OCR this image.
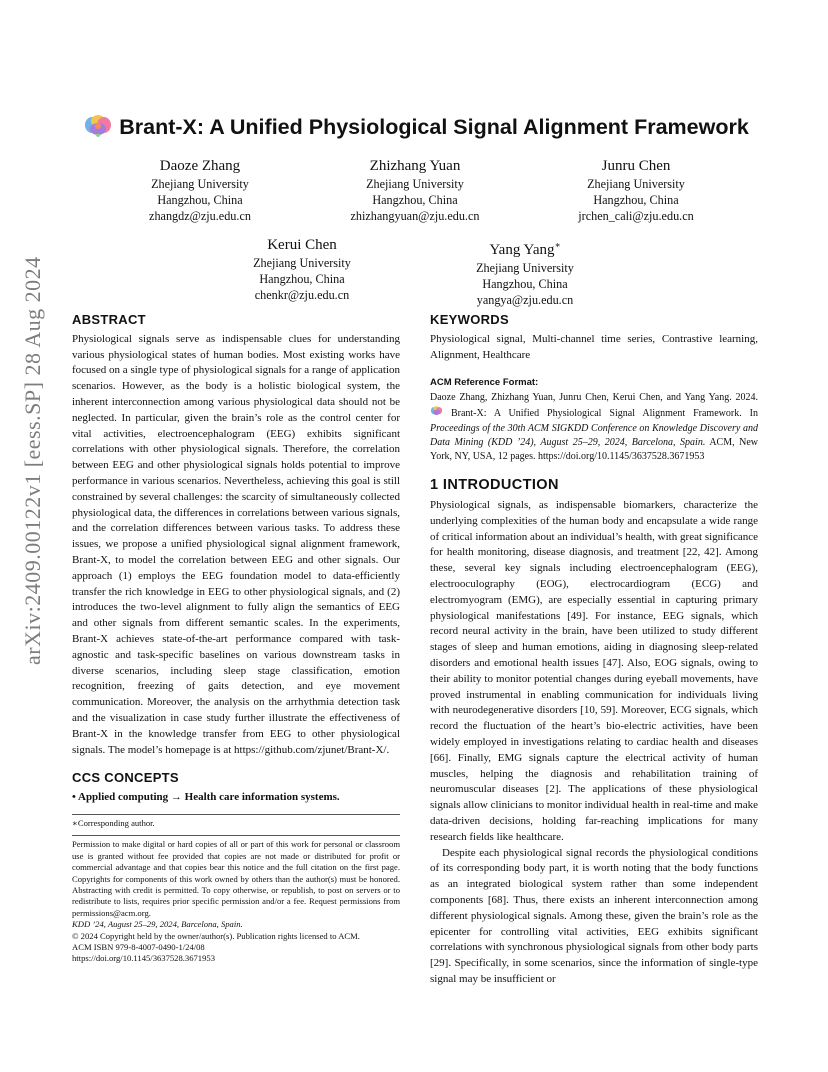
arXiv:2409.00122v1 [eess.SP] 28 Aug 2024
Brant-X: A Unified Physiological Signal Alignment Framework
Daoze Zhang
Zhejiang University
Hangzhou, China
zhangdz@zju.edu.cn
Zhizhang Yuan
Zhejiang University
Hangzhou, China
zhizhangyuan@zju.edu.cn
Junru Chen
Zhejiang University
Hangzhou, China
jrchen_cali@zju.edu.cn
Kerui Chen
Zhejiang University
Hangzhou, China
chenkr@zju.edu.cn
Yang Yang∗
Zhejiang University
Hangzhou, China
yangya@zju.edu.cn
ABSTRACT

Physiological signals serve as indispensable clues for understanding various physiological states of human bodies. Most existing works have focused on a single type of physiological signals for a range of application scenarios. However, as the body is a holistic biological system, the inherent interconnection among various physiological data should not be neglected. In particular, given the brain’s role as the control center for vital activities, electroencephalogram (EEG) exhibits significant correlations with other physiological signals. Therefore, the correlation between EEG and other physiological signals holds potential to improve performance in various scenarios. Nevertheless, achieving this goal is still constrained by several challenges: the scarcity of simultaneously collected physiological data, the differences in correlations between various signals, and the correlation differences between various tasks. To address these issues, we propose a unified physiological signal alignment framework, Brant-X, to model the correlation between EEG and other signals. Our approach (1) employs the EEG foundation model to data-efficiently transfer the rich knowledge in EEG to other physiological signals, and (2) introduces the two-level alignment to fully align the semantics of EEG and other signals from different semantic scales. In the experiments, Brant-X achieves state-of-the-art performance compared with task-agnostic and task-specific baselines on various downstream tasks in diverse scenarios, including sleep stage classification, emotion recognition, freezing of gaits detection, and eye movement communication. Moreover, the analysis on the arrhythmia detection task and the visualization in case study further illustrate the effectiveness of Brant-X in the knowledge transfer from EEG to other physiological signals. The model’s homepage is at https://github.com/zjunet/Brant-X/.

CCS CONCEPTS
• Applied computing → Health care information systems.
∗Corresponding author.
Permission to make digital or hard copies of all or part of this work for personal or classroom use is granted without fee provided that copies are not made or distributed for profit or commercial advantage and that copies bear this notice and the full citation on the first page. Copyrights for components of this work owned by others than the author(s) must be honored. Abstracting with credit is permitted. To copy otherwise, or republish, to post on servers or to redistribute to lists, requires prior specific permission and/or a fee. Request permissions from permissions@acm.org.
KDD ’24, August 25–29, 2024, Barcelona, Spain.
© 2024 Copyright held by the owner/author(s). Publication rights licensed to ACM.
ACM ISBN 979-8-4007-0490-1/24/08
https://doi.org/10.1145/3637528.3671953
KEYWORDS

Physiological signal, Multi-channel time series, Contrastive learning, Alignment, Healthcare

ACM Reference Format:

Daoze Zhang, Zhizhang Yuan, Junru Chen, Kerui Chen, and Yang Yang. 2024.  Brant-X: A Unified Physiological Signal Alignment Framework. In Proceedings of the 30th ACM SIGKDD Conference on Knowledge Discovery and Data Mining (KDD ’24), August 25–29, 2024, Barcelona, Spain. ACM, New York, NY, USA, 12 pages. https://doi.org/10.1145/3637528.3671953

1 INTRODUCTION

Physiological signals, as indispensable biomarkers, characterize the underlying complexities of the human body and encapsulate a wide range of critical information about an individual’s health, with great significance for health monitoring, disease diagnosis, and treatment [22, 42]. Among these, several key signals including electroencephalogram (EEG), electrooculography (EOG), electrocardiogram (ECG) and electromyogram (EMG), are especially essential in capturing primary physiological manifestations [49]. For instance, EEG signals, which record neural activity in the brain, have been utilized to study different stages of sleep and human emotions, aiding in diagnosing sleep-related disorders and emotional health issues [47]. Also, EOG signals, owing to their ability to monitor potential changes during eyeball movements, have proved instrumental in enabling communication for individuals living with neurodegenerative disorders [10, 59]. Moreover, ECG signals, which record the fluctuation of the heart’s bio-electric activities, have been widely employed in investigations relating to cardiac health and diseases [66]. Finally, EMG signals capture the electrical activity of human muscles, helping the diagnosis and rehabilitation training of neuromuscular diseases [2]. The applications of these physiological signals allow clinicians to monitor individual health in real-time and make data-driven decisions, holding far-reaching implications for many research fields like healthcare.

Despite each physiological signal records the physiological conditions of its corresponding body part, it is worth noting that the body functions as an integrated biological system rather than some independent components [68]. Thus, there exists an inherent interconnection among different physiological signals. Among these, given the brain’s role as the epicenter for controlling vital activities, EEG exhibits significant correlations with synchronous physiological signals from other body parts [29]. Specifically, in some scenarios, since the information of single-type signal may be insufficient or
